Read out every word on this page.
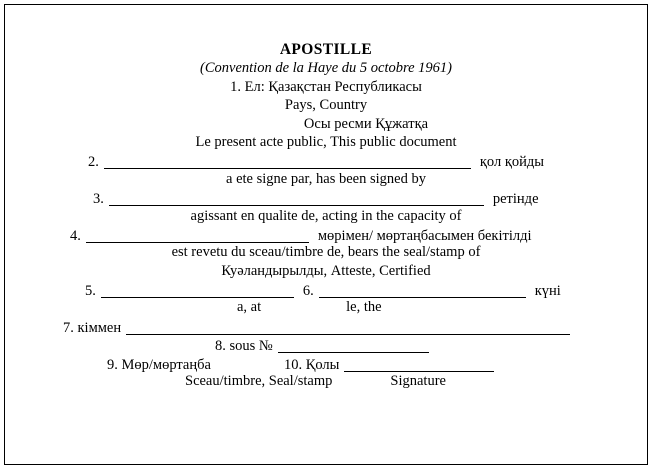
APOSTILLE
(Convention de la Haye du 5 octobre 1961)
1. Ел: Қазақстан Республикасы
Pays, Country
Осы ресми Құжатқа
Le present acte public, This public document
2.	қол қойды
a ete signe par, has been signed by
3.	ретінде
agissant en qualite de, acting in the capacity of
4.	мөрімен/ мөртаңбасымен бекітілді
est revetu du sceau/timbre de, bears the seal/stamp of
Куәландырылды, Atteste, Certified
5.	6.	күні
a, at	le, the
7. кіммен
8. sous №
9. Мөр/мөртаңба	10. Қолы
Sceau/timbre, Seal/stamp	Signature
